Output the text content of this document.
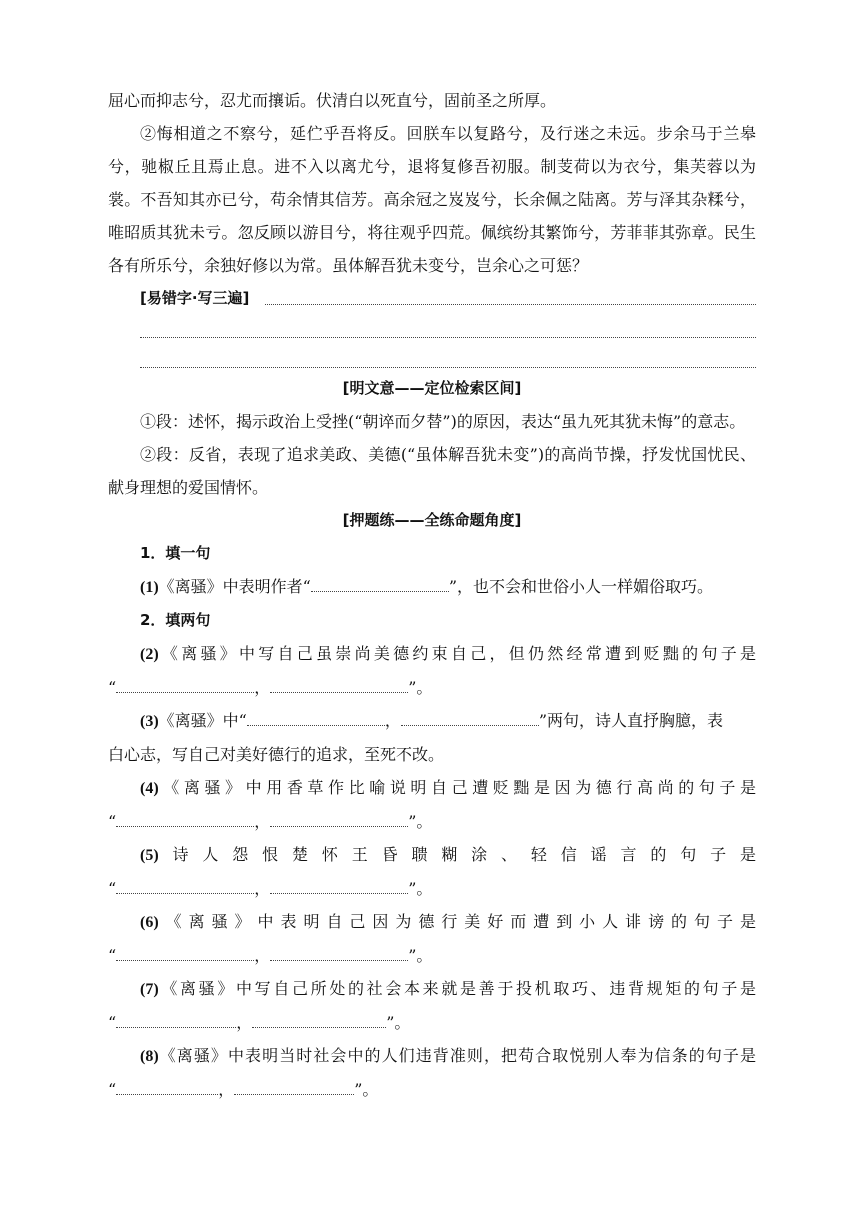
屈心而抑志兮，忍尤而攘诟。伏清白以死直兮，固前圣之所厚。

②悔相道之不察兮，延伫乎吾将反。回朕车以复路兮，及行迷之未远。步余马于兰皋兮，驰椒丘且焉止息。进不入以离尤兮，退将复修吾初服。制芰荷以为衣兮，集芙蓉以为裳。不吾知其亦已兮，苟余情其信芳。高余冠之岌岌兮，长余佩之陆离。芳与泽其杂糅兮，唯昭质其犹未亏。忽反顾以游目兮，将往观乎四荒。佩缤纷其繁饰兮，芳菲菲其弥章。民生各有所乐兮，余独好修以为常。虽体解吾犹未变兮，岂余心之可惩？

[易错字·写三遍]

[明文意——定位检索区间]

①段：述怀，揭示政治上受挫(“朝谇而夕替”)的原因，表达“虽九死其犹未悔”的意志。

②段：反省，表现了追求美政、美德(“虽体解吾犹未变”)的高尚节操，抒发忧国忧民、献身理想的爱国情怀。

[押题练——全练命题角度]

1．填一句

(1)《离骚》中表明作者“	”，也不会和世俗小人一样媚俗取巧。

2．填两句

(2)《离骚》中写自己虽崇尚美德约束自己，但仍然经常遭到贬黜的句子是

“	，	”。

(3)《离骚》中“	，	”两句，诗人直抒胸臆，表

白心志，写自己对美好德行的追求，至死不改。

(4)《离骚》中用香草作比喻说明自己遭贬黜是因为德行高尚的句子是

“	，	”。

(5)诗人怨恨楚怀王昏聩糊涂、轻信谣言的句子是

“	，	”。

(6)《离骚》中表明自己因为德行美好而遭到小人诽谤的句子是

“	，	”。

(7)《离骚》中写自己所处的社会本来就是善于投机取巧、违背规矩的句子是

“	，	”。

(8)《离骚》中表明当时社会中的人们违背准则，把苟合取悦别人奉为信条的句子是

“	，	”。
